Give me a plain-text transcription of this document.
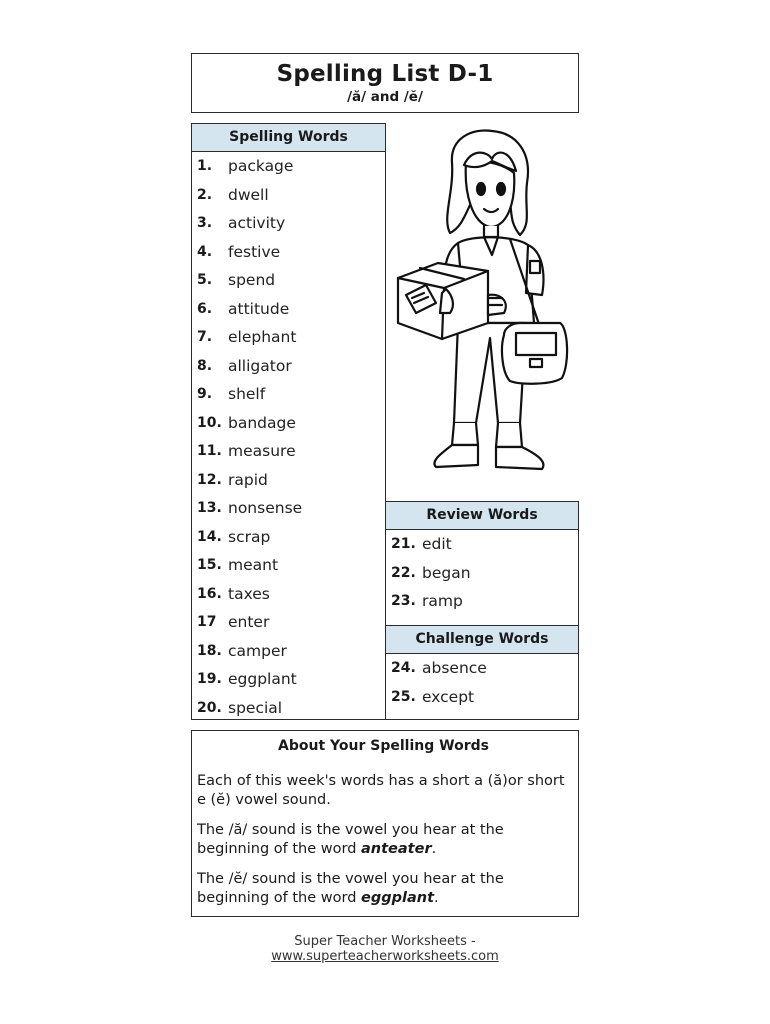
Spelling List D-1
/ă/ and /ĕ/
Spelling Words
1.	package
2.	dwell
3.	activity
4.	festive
5.	spend
6.	attitude
7.	elephant
8.	alligator
9.	shelf
10. bandage
11. measure
12. rapid
13. nonsense
14. scrap
15. meant
16. taxes
17 enter
18. camper
19. eggplant
20. special
Review Words
21. edit
22. began
23. ramp
Challenge Words
24. absence
25. except
About Your Spelling Words

Each of this week's words has a short a (ă)or short e (ĕ) vowel sound.

The /ă/ sound is the vowel you hear at the beginning of the word anteater.

The /ĕ/ sound is the vowel you hear at the beginning of the word eggplant.

Super Teacher Worksheets - www.superteacherworksheets.com
